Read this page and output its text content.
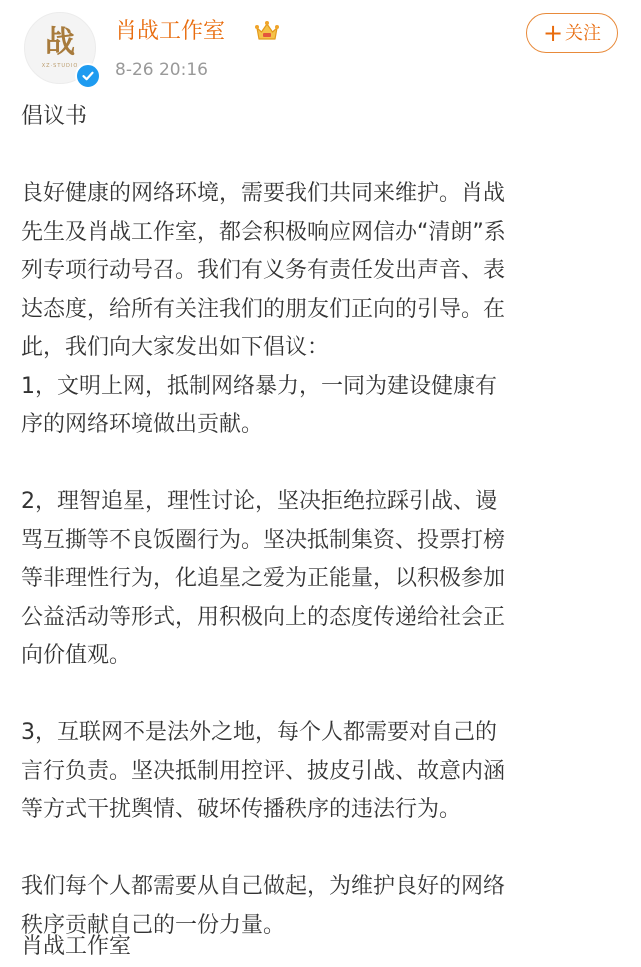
战
XZ·STUDIO
肖战工作室
8-26 20:16
+ 关注

倡议书

良好健康的网络环境，需要我们共同来维护。肖战

先生及肖战工作室，都会积极响应网信办“清朗”系

列专项行动号召。我们有义务有责任发出声音、表

达态度，给所有关注我们的朋友们正向的引导。在

此，我们向大家发出如下倡议：

1，文明上网，抵制网络暴力，一同为建设健康有

序的网络环境做出贡献。

2，理智追星，理性讨论，坚决拒绝拉踩引战、谩

骂互撕等不良饭圈行为。坚决抵制集资、投票打榜

等非理性行为，化追星之爱为正能量，以积极参加

公益活动等形式，用积极向上的态度传递给社会正

向价值观。

3，互联网不是法外之地，每个人都需要对自己的

言行负责。坚决抵制用控评、披皮引战、故意内涵

等方式干扰舆情、破坏传播秩序的违法行为。

我们每个人都需要从自己做起，为维护良好的网络

秩序贡献自己的一份力量。

肖战工作室
